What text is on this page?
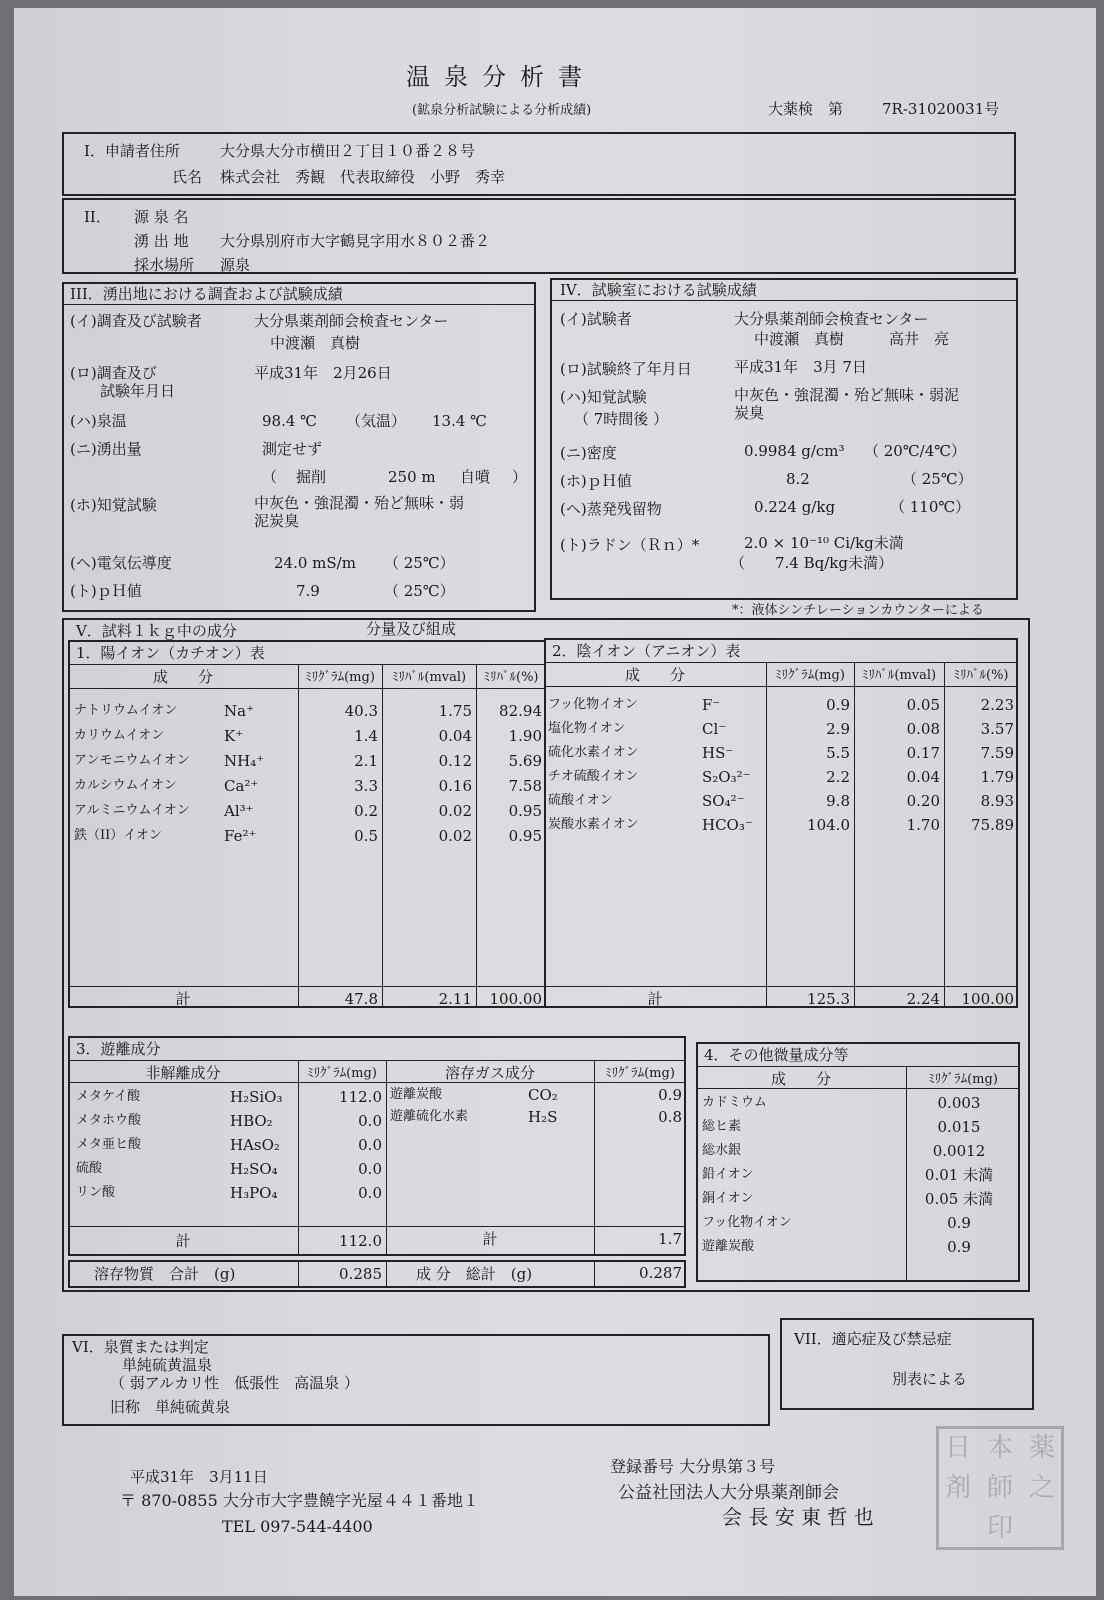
温泉分析書
(鉱泉分析試験による分析成績)	大薬検　第	7R-31020031号
I．申請者住所	大分県大分市横田２丁目１０番２８号
氏名 株式会社　秀観　代表取締役　小野　秀幸
II． 源 泉 名
湧 出 地 大分県別府市大字鶴見字用水８０２番２
採水場所 源泉
III．湧出地における調査および試験成績
(イ)調査及び試験者	大分県薬剤師会検査センター
中渡瀬　真樹
(ロ)調査及び
試験年月日
平成31年　2月26日
(ハ)泉温	98.4 ℃ （気温） 13.4 ℃
(ニ)湧出量	測定せず
（ 掘削	250 m 自噴 ）
(ホ)知覚試験	中灰色・強混濁・殆ど無味・弱
泥炭臭
(ヘ)電気伝導度	24.0 mS/m （ 25℃）
(ト)ｐＨ値	7.9	（ 25℃）
IV．試験室における試験成績
(イ)試験者	大分県薬剤師会検査センター
中渡瀬　真樹　　　高井　亮
(ロ)試験終了年月日	平成31年　3月 7日
(ハ)知覚試験
（ 7時間後 ）
中灰色・強混濁・殆ど無味・弱泥
炭臭
(ニ)密度	0.9984 g/cm³ （ 20℃/4℃）
(ホ)ｐＨ値	8.2	（ 25℃）
(ヘ)蒸発残留物	0.224 g/kg	（ 110℃）
(ト)ラドン（Ｒｎ）*	2.0 × 10⁻¹⁰ Ci/kg未満
（　　7.4 Bq/kg未満）
*：液体シンチレーションカウンターによる
V．試料１ｋｇ中の成分	分量及び組成
1．陽イオン（カチオン）表
成　　分	ﾐﾘｸﾞﾗﾑ(mg)	ﾐﾘﾊﾞﾙ(mval)	ﾐﾘﾊﾞﾙ(%)
計	47.8	2.11	100.00
2．陰イオン（アニオン）表
成　　分	ﾐﾘｸﾞﾗﾑ(mg)	ﾐﾘﾊﾞﾙ(mval)	ﾐﾘﾊﾞﾙ(%)
計	125.3	2.24	100.00
3．遊離成分
非解離成分	ﾐﾘｸﾞﾗﾑ(mg)	溶存ガス成分	ﾐﾘｸﾞﾗﾑ(mg)
計	112.0	計	1.7
溶存物質　合計　(g)	0.285 成 分　総計　(g)	0.287
4．その他微量成分等
成　　分	ﾐﾘｸﾞﾗﾑ(mg)
VI．泉質または判定
単純硫黄温泉
（ 弱アルカリ性　低張性　高温泉 ）
旧称　単純硫黄泉
VII．適応症及び禁忌症
別表による
平成31年　3月11日
〒 870-0855 大分市大字豊饒字光屋４４１番地１
TEL 097-544-4400
登録番号 大分県第３号
公益社団法人大分県薬剤師会
会 長 安 東 哲 也
日 本 薬
剤 師 之
印
ナトリウムイオン	Na⁺	40.3	1.75	82.94
カリウムイオン	K⁺	1.4	0.04	1.90
アンモニウムイオン NH₄⁺	2.1	0.12	5.69
カルシウムイオン	Ca²⁺	3.3	0.16	7.58
アルミニウムイオン Al³⁺	0.2	0.02	0.95
鉄（II）イオン	Fe²⁺	0.5	0.02	0.95
フッ化物イオン	F⁻	0.9	0.05	2.23
塩化物イオン	Cl⁻	2.9	0.08	3.57
硫化水素イオン	HS⁻	5.5	0.17	7.59
チオ硫酸イオン	S₂O₃²⁻	2.2	0.04	1.79
硫酸イオン	SO₄²⁻	9.8	0.20	8.93
炭酸水素イオン	HCO₃⁻	104.0	1.70	75.89
メタケイ酸	H₂SiO₃	112.0
メタホウ酸	HBO₂	0.0
メタ亜ヒ酸	HAsO₂	0.0
硫酸	H₂SO₄	0.0
リン酸	H₃PO₄	0.0
遊離炭酸	CO₂	0.9
遊離硫化水素	H₂S	0.8
カドミウム	0.003
総ヒ素	0.015
総水銀	0.0012
鉛イオン	0.01 未満
銅イオン	0.05 未満
フッ化物イオン	0.9
遊離炭酸	0.9
